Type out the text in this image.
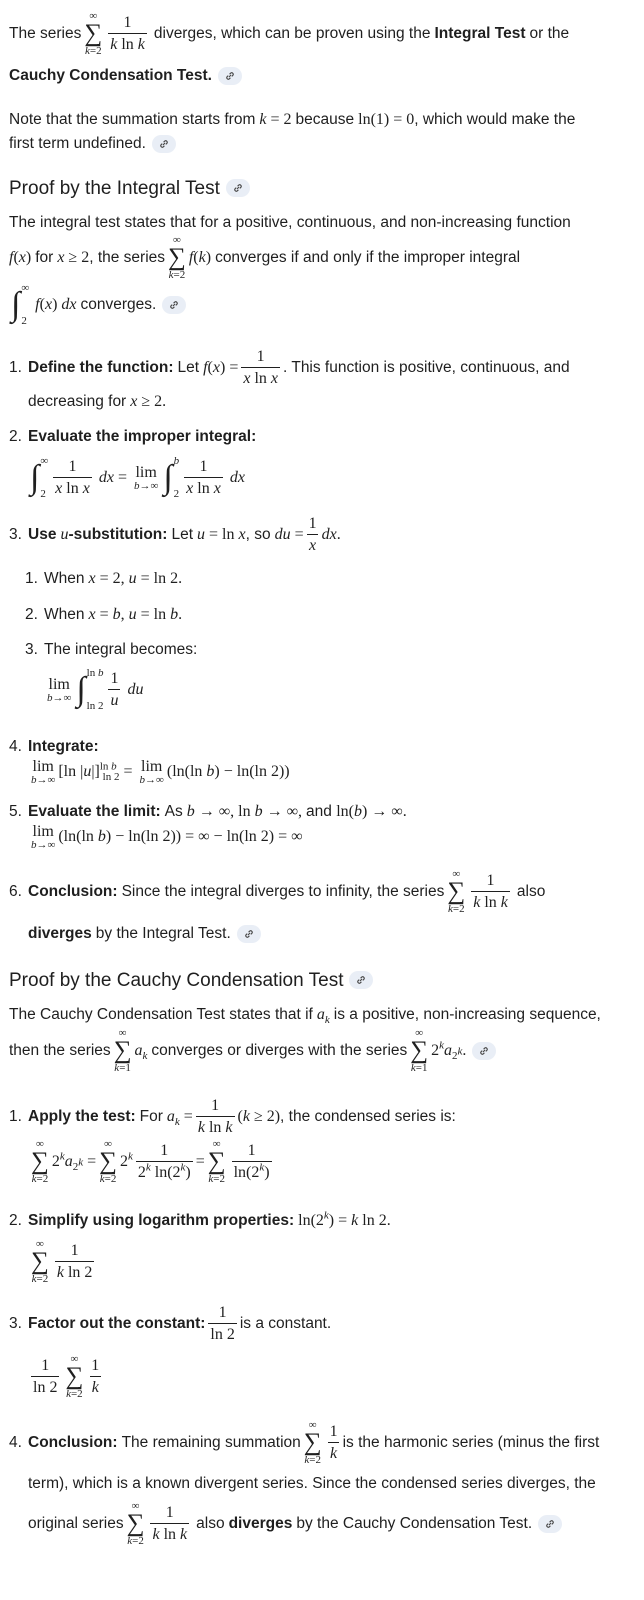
The series
∞
∑
$k=2 \frac{1}{\text{k ln k}}$ diverges, which can be proven using the Integral Test or the
Cauchy Condensation Test .
Note that the summation starts from k = 2 because ln(1) = 0 , which would make the
first term undefined.
Proof by the Integral Test
The integral test states that for a positive, continuous, and non-increasing function
f ( x ) for x ≥ 2 , the series
∞
∑
k=2
f ( k ) converges if and only if the improper integral
∫ ∞
2
f ( x ) dx converges.
1. Define the function: Let f ( x ) = $\frac{1}{\text{x ln x}}$ . This function is positive, continuous, and
decreasing for x ≥ 2.
2. Evaluate the improper integral:
∫ ∞
$2 \frac{1}{\text{x ln x}}$ dx = lim
b→∞ ∫ b
$2 \frac{1}{\text{x ln x}}$ dx
3. Use u -substitution: Let u = ln x , so du = $\frac{1}{x}$ dx .
1. When x = 2, u = ln 2.
2. When x = b , u = ln b .
3. The integral becomes:
lim
b→∞ ∫ ln b
$\ln 2 \frac{1}{u}$ du
4. Integrate:
lim
b→∞
[ln | u |]$^{ln b}_{ln 2}$ = lim
b→∞
(ln(ln b ) − ln(ln 2))
5. Evaluate the limit: As b → ∞, ln b → ∞, and ln( b ) → ∞.
lim
b→∞
(ln(ln b ) − ln(ln 2)) = ∞ − ln(ln 2) = ∞
6. Conclusion: Since the integral diverges to infinity, the series
∞
∑
$k=2 \frac{1}{\text{k ln k}}$ also
diverges by the Integral Test.
Proof by the Cauchy Condensation Test
The Cauchy Condensation Test states that if $a_k$ is a positive, non-increasing sequence,
then the series
∞
∑
k=1
$a_k$ converges or diverges with the series
∞
∑
k=1
$2^ka_{2^k}$.
1. Apply the test: For $a_k = \frac{1}{\text{k ln k}}$ ( k ≥ 2) , the condensed series is:
∞
∑
k=2
$2^ka_{2^k}$ =
∞
∑
k=2
$2^k \frac{1}{2^k \ln(2^k)}$ =
∞
∑
$k=2 \frac{1}{\ln(2^k)}$
2. Simplify using logarithm properties: $\ln(2^k) = k$ ln 2.
∞
∑
$k=2 \frac{1}{\text{k ln 2}}$
3. Factor out the constant: $\frac{1}{\ln 2}$ is a constant.
$\frac{1}{\ln 2}$ ∞
∑
$k=2 \frac{1}{k}$
4. Conclusion: The remaining summation
∞
∑
$k=2 \frac{1}{k}$ is the harmonic series (minus the first
term), which is a known divergent series. Since the condensed series diverges, the
original series
∞
∑
$k=2 \frac{1}{\text{k ln k}}$ also diverges by the Cauchy Condensation Test.
